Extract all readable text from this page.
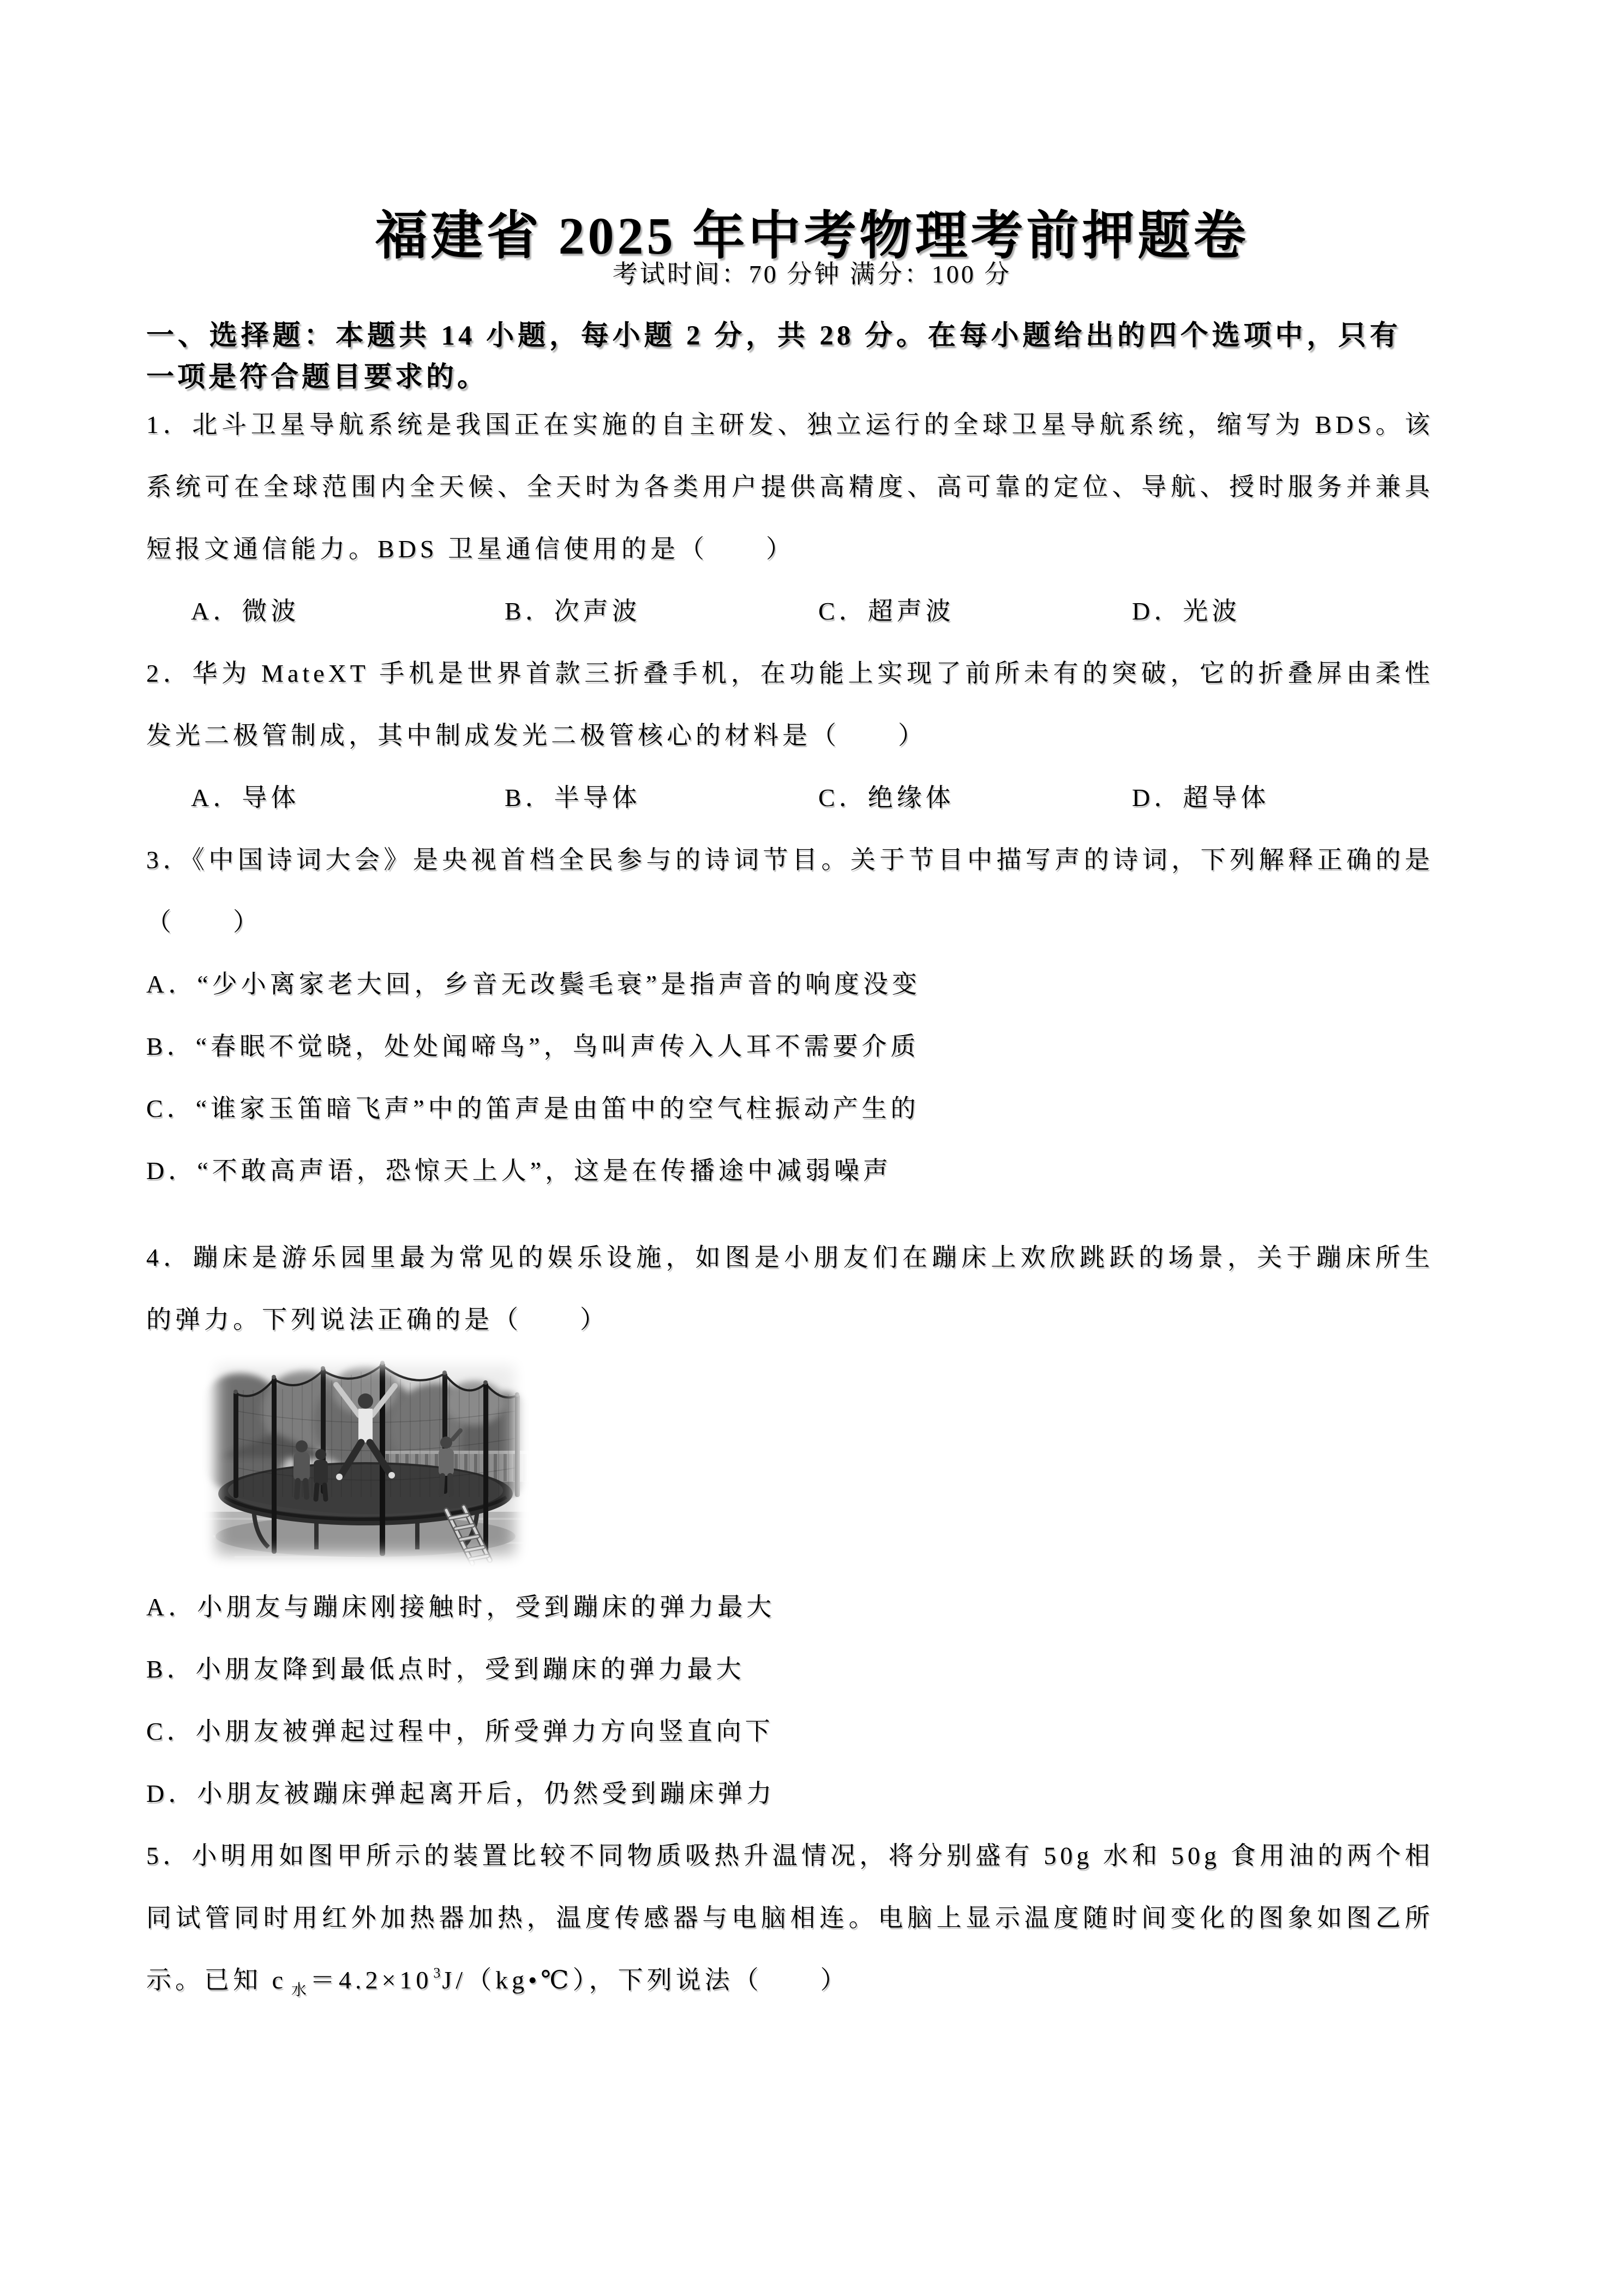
福建省 2025 年中考物理考前押题卷
考试时间：70 分钟 满分：100 分
一、选择题：本题共 14 小题，每小题 2 分，共 28 分。在每小题给出的四个选项中，只有一项是符合题目要求的。

1．北斗卫星导航系统是我国正在实施的自主研发、独立运行的全球卫星导航系统，缩写为 BDS。该系统可在全球范围内全天候、全天时为各类用户提供高精度、高可靠的定位、导航、授时服务并兼具短报文通信能力。BDS 卫星通信使用的是（　　）

A．微波	B．次声波	C．超声波	D．光波

2．华为 MateXT 手机是世界首款三折叠手机，在功能上实现了前所未有的突破，它的折叠屏由柔性发光二极管制成，其中制成发光二极管核心的材料是（　　）

A．导体	B．半导体	C．绝缘体	D．超导体

3．《中国诗词大会》是央视首档全民参与的诗词节目。关于节目中描写声的诗词，下列解释正确的是（　　）

A．“少小离家老大回，乡音无改鬓毛衰”是指声音的响度没变

B．“春眠不觉晓，处处闻啼鸟”，鸟叫声传入人耳不需要介质

C．“谁家玉笛暗飞声”中的笛声是由笛中的空气柱振动产生的

D．“不敢高声语，恐惊天上人”，这是在传播途中减弱噪声

4．蹦床是游乐园里最为常见的娱乐设施，如图是小朋友们在蹦床上欢欣跳跃的场景，关于蹦床所生的弹力。下列说法正确的是（　　）

A．小朋友与蹦床刚接触时，受到蹦床的弹力最大

B．小朋友降到最低点时，受到蹦床的弹力最大

C．小朋友被弹起过程中，所受弹力方向竖直向下

D．小朋友被蹦床弹起离开后，仍然受到蹦床弹力

5．小明用如图甲所示的装置比较不同物质吸热升温情况，将分别盛有 50g 水和 50g 食用油的两个相同试管同时用红外加热器加热，温度传感器与电脑相连。电脑上显示温度随时间变化的图象如图乙所示。已知 c $_水=4.2\times 10^3J/(kg•℃)$，下列说法（　　）
